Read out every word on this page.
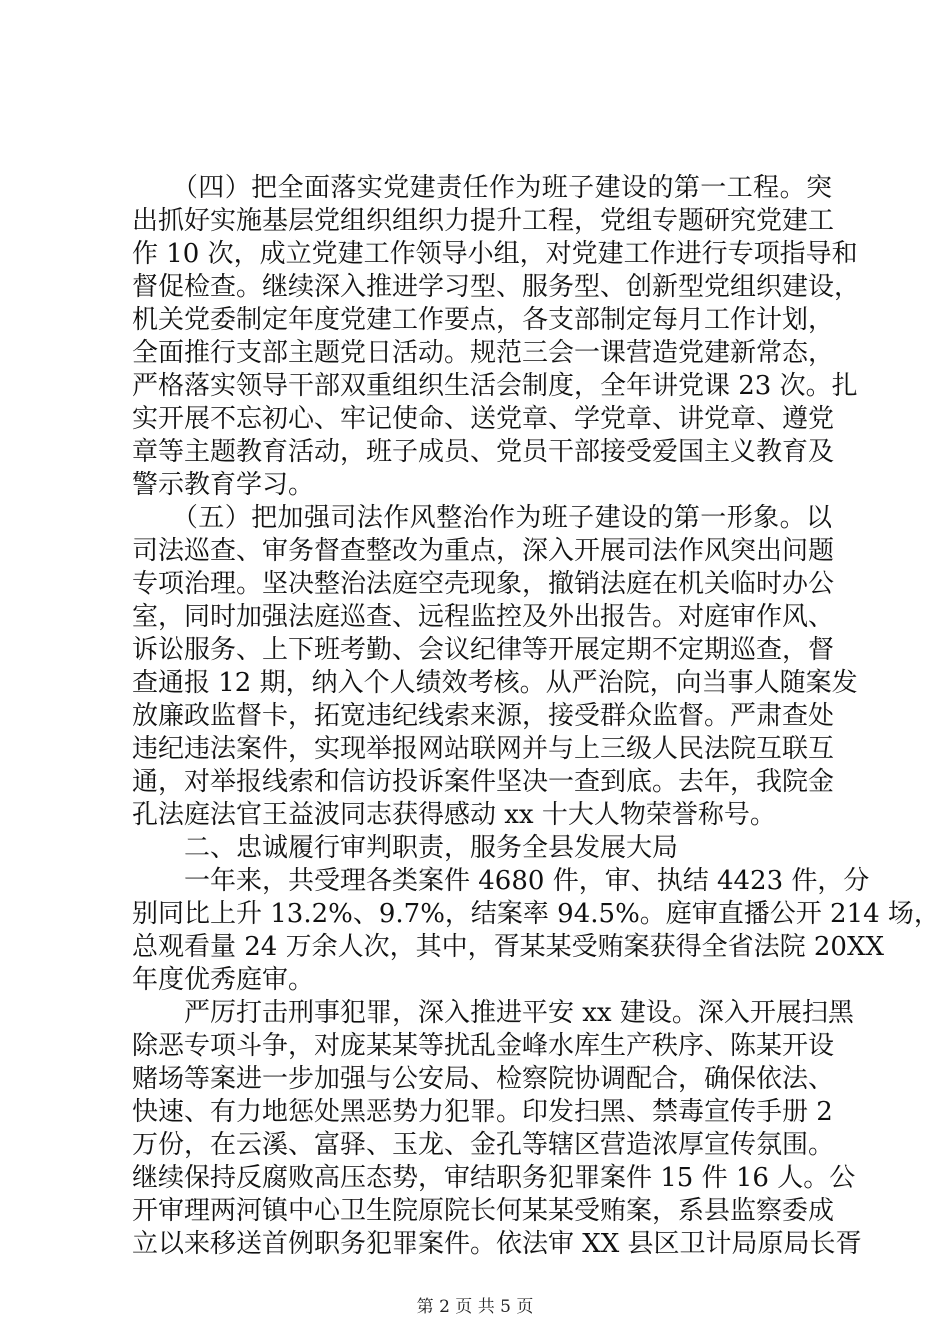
　　（四）把全面落实党建责任作为班子建设的第一工程。突
出抓好实施基层党组织组织力提升工程，党组专题研究党建工
作 10 次，成立党建工作领导小组，对党建工作进行专项指导和
督促检查。继续深入推进学习型、服务型、创新型党组织建设，
机关党委制定年度党建工作要点，各支部制定每月工作计划，
全面推行支部主题党日活动。规范三会一课营造党建新常态，
严格落实领导干部双重组织生活会制度，全年讲党课 23 次。扎
实开展不忘初心、牢记使命、送党章、学党章、讲党章、遵党
章等主题教育活动，班子成员、党员干部接受爱国主义教育及
警示教育学习。
　　（五）把加强司法作风整治作为班子建设的第一形象。以
司法巡查、审务督查整改为重点，深入开展司法作风突出问题
专项治理。坚决整治法庭空壳现象，撤销法庭在机关临时办公
室，同时加强法庭巡查、远程监控及外出报告。对庭审作风、
诉讼服务、上下班考勤、会议纪律等开展定期不定期巡查，督
查通报 12 期，纳入个人绩效考核。从严治院，向当事人随案发
放廉政监督卡，拓宽违纪线索来源，接受群众监督。严肃查处
违纪违法案件，实现举报网站联网并与上三级人民法院互联互
通，对举报线索和信访投诉案件坚决一查到底。去年，我院金
孔法庭法官王益波同志获得感动 xx 十大人物荣誉称号。
　　二、忠诚履行审判职责，服务全县发展大局
　　一年来，共受理各类案件 4680 件，审、执结 4423 件，分
别同比上升 13.2%、9.7%，结案率 94.5%。庭审直播公开 214 场，
总观看量 24 万余人次，其中，胥某某受贿案获得全省法院 20XX
年度优秀庭审。
　　严厉打击刑事犯罪，深入推进平安 xx 建设。深入开展扫黑
除恶专项斗争，对庞某某等扰乱金峰水库生产秩序、陈某开设
赌场等案进一步加强与公安局、检察院协调配合，确保依法、
快速、有力地惩处黑恶势力犯罪。印发扫黑、禁毒宣传手册 2
万份，在云溪、富驿、玉龙、金孔等辖区营造浓厚宣传氛围。
继续保持反腐败高压态势，审结职务犯罪案件 15 件 16 人。公
开审理两河镇中心卫生院原院长何某某受贿案，系县监察委成
立以来移送首例职务犯罪案件。依法审 XX 县区卫计局原局长胥
第 2 页 共 5 页
